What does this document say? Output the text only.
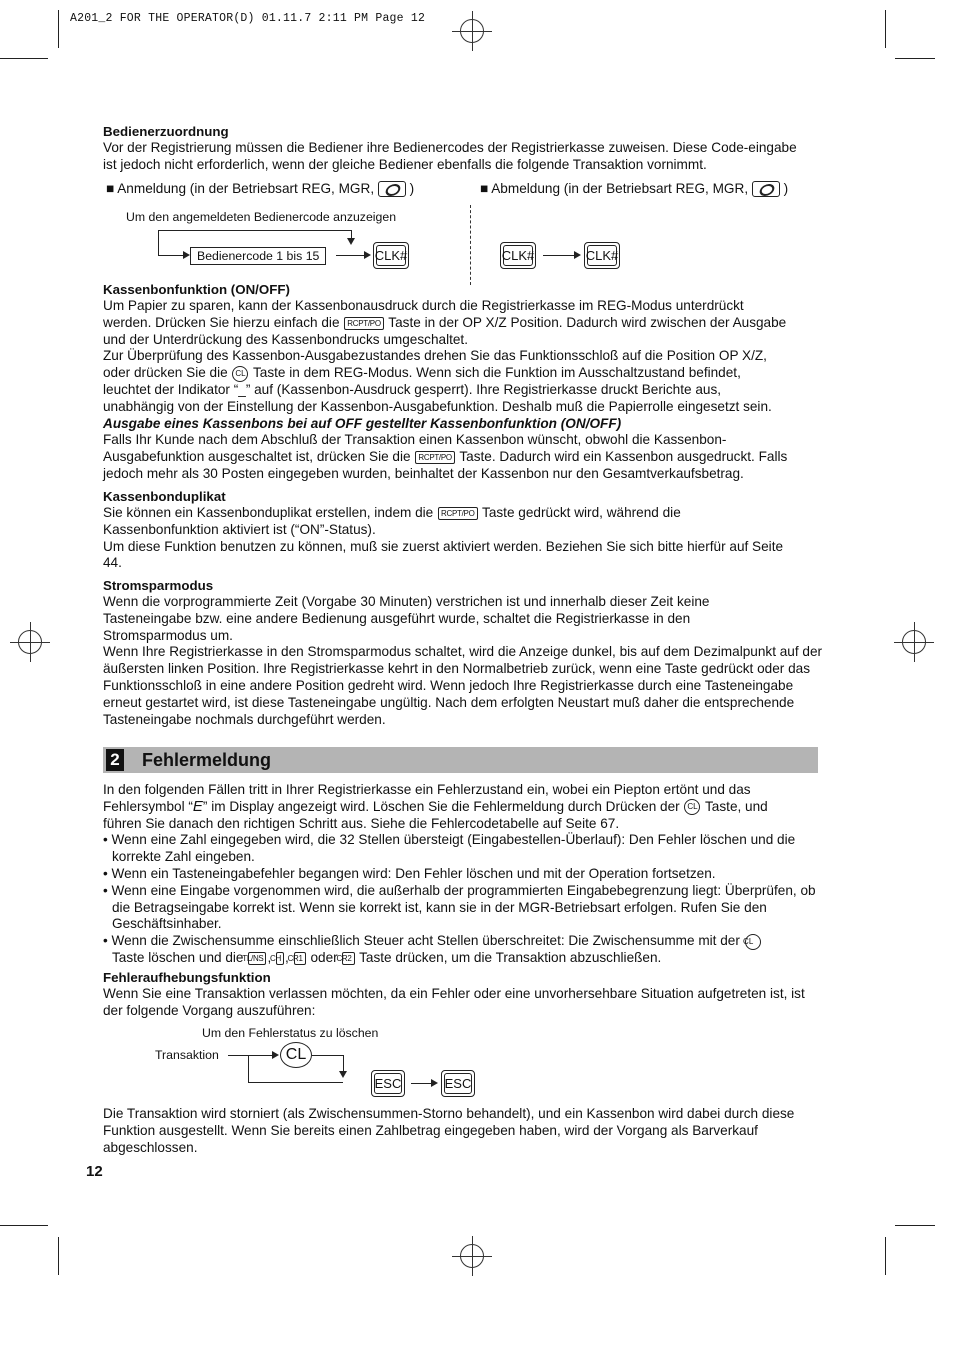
A201_2 FOR THE OPERATOR(D) 01.11.7 2:11 PM Page 12

Bedienerzuordnung

Vor der Registrierung müssen die Bediener ihre Bedienercodes der Registrierkasse zuweisen. Diese Code-eingabe ist jedoch nicht erforderlich, wenn der gleiche Bediener ebenfalls die folgende Transaktion vornimmt.

■ Anmeldung (in der Betriebsart REG, MGR,	)	■ Abmeldung (in der Betriebsart REG, MGR,	)
Um den angemeldeten Bedienercode anzuzeigen
Bedienercode 1 bis 15	CLK#	CLK#	CLK#

Kassenbonfunktion (ON/OFF)

Um Papier zu sparen, kann der Kassenbonausdruck durch die Registrierkasse im REG-Modus unterdrückt
werden. Drücken Sie hierzu einfach die RCPT/PO Taste in der OP X/Z Position. Dadurch wird zwischen der Ausgabe
und der Unterdrückung des Kassenbondrucks umgeschaltet.

Zur Überprüfung des Kassenbon-Ausgabezustandes drehen Sie das Funktionsschloß auf die Position OP X/Z,
oder drücken Sie die CL Taste in dem REG-Modus. Wenn sich die Funktion im Ausschaltzustand befindet,
leuchtet der Indikator “_” auf (Kassenbon-Ausdruck gesperrt). Ihre Registrierkasse druckt Berichte aus,
unabhängig von der Einstellung der Kassenbon-Ausgabefunktion. Deshalb muß die Papierrolle eingesetzt sein.

Ausgabe eines Kassenbons bei auf OFF gestellter Kassenbonfunktion (ON/OFF)

Falls Ihr Kunde nach dem Abschluß der Transaktion einen Kassenbon wünscht, obwohl die Kassenbon-
Ausgabefunktion ausgeschaltet ist, drücken Sie die RCPT/PO Taste. Dadurch wird ein Kassenbon ausgedruckt. Falls
jedoch mehr als 30 Posten eingegeben wurden, beinhaltet der Kassenbon nur den Gesamtverkaufsbetrag.

Kassenbonduplikat

Sie können ein Kassenbonduplikat erstellen, indem die RCPT/PO Taste gedrückt wird, während die
Kassenbonfunktion aktiviert ist (“ON”-Status).

Um diese Funktion benutzen zu können, muß sie zuerst aktiviert werden. Beziehen Sie sich bitte hierfür auf Seite 44.

Stromsparmodus

Wenn die vorprogrammierte Zeit (Vorgabe 30 Minuten) verstrichen ist und innerhalb dieser Zeit keine Tasteneingabe bzw. eine andere Bedienung ausgeführt wurde, schaltet die Registrierkasse in den Stromsparmodus um.

Wenn Ihre Registrierkasse in den Stromsparmodus schaltet, wird die Anzeige dunkel, bis auf dem Dezimalpunkt auf der äußersten linken Position. Ihre Registrierkasse kehrt in den Normalbetrieb zurück, wenn eine Taste gedrückt oder das Funktionsschloß in eine andere Position gedreht wird. Wenn jedoch Ihre Registrierkasse durch eine Tasteneingabe erneut gestartet wird, ist diese Tasteneingabe ungültig. Nach dem erfolgten Neustart muß daher die entsprechende Tasteneingabe nochmals durchgeführt werden.

2 Fehlermeldung

In den folgenden Fällen tritt in Ihrer Registrierkasse ein Fehlerzustand ein, wobei ein Piepton ertönt und das
Fehlersymbol “E” im Display angezeigt wird. Löschen Sie die Fehlermeldung durch Drücken der CL Taste, und
führen Sie danach den richtigen Schritt aus. Siehe die Fehlercodetabelle auf Seite 67.

• Wenn eine Zahl eingegeben wird, die 32 Stellen übersteigt (Eingabestellen-Überlauf): Den Fehler löschen und die korrekte Zahl eingeben.

• Wenn ein Tasteneingabefehler begangen wird: Den Fehler löschen und mit der Operation fortsetzen.

• Wenn eine Eingabe vorgenommen wird, die außerhalb der programmierten Eingabebegrenzung liegt: Überprüfen, ob die Betragseingabe korrekt ist. Wenn sie korrekt ist, kann sie in der MGR-Betriebsart erfolgen. Rufen Sie den Geschäftsinhaber.

• Wenn die Zwischensumme einschließlich Steuer acht Stellen überschreitet: Die Zwischensumme mit der CL
Taste löschen und die TL/NS , CH , CR1 oder CR2 Taste drücken, um die Transaktion abzuschließen.

Fehleraufhebungsfunktion

Wenn Sie eine Transaktion verlassen möchten, da ein Fehler oder eine unvorhersehbare Situation aufgetreten ist, ist der folgende Vorgang auszuführen:

Um den Fehlerstatus zu löschen
Transaktion	CL
ESC	ESC

Die Transaktion wird storniert (als Zwischensummen-Storno behandelt), und ein Kassenbon wird dabei durch diese Funktion ausgestellt. Wenn Sie bereits einen Zahlbetrag eingegeben haben, wird der Vorgang als Barverkauf abgeschlossen.

12
